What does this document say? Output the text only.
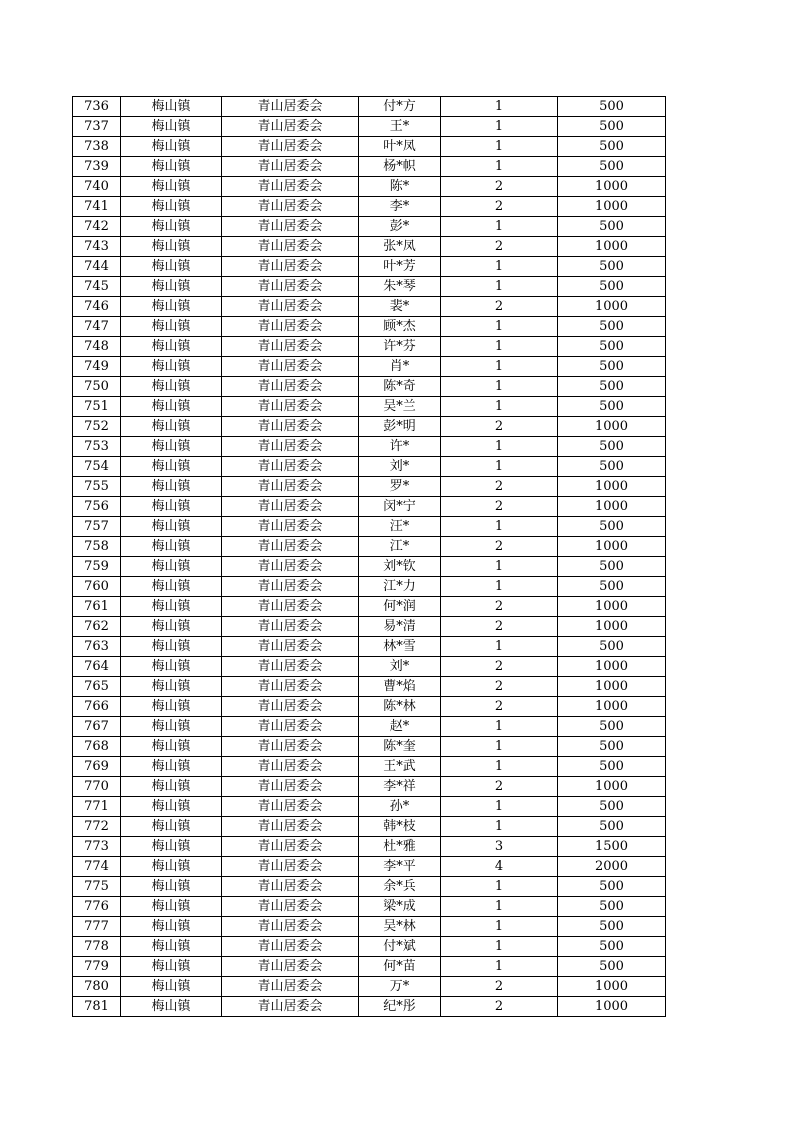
736	梅山镇	青山居委会	付*方	1	500
737	梅山镇	青山居委会	王*	1	500
738	梅山镇	青山居委会	叶*凤	1	500
739	梅山镇	青山居委会	杨*帜	1	500
740	梅山镇	青山居委会	陈*	2	1000
741	梅山镇	青山居委会	李*	2	1000
742	梅山镇	青山居委会	彭*	1	500
743	梅山镇	青山居委会	张*凤	2	1000
744	梅山镇	青山居委会	叶*芳	1	500
745	梅山镇	青山居委会	朱*琴	1	500
746	梅山镇	青山居委会	裴*	2	1000
747	梅山镇	青山居委会	顾*杰	1	500
748	梅山镇	青山居委会	许*芬	1	500
749	梅山镇	青山居委会	肖*	1	500
750	梅山镇	青山居委会	陈*奇	1	500
751	梅山镇	青山居委会	吴*兰	1	500
752	梅山镇	青山居委会	彭*明	2	1000
753	梅山镇	青山居委会	许*	1	500
754	梅山镇	青山居委会	刘*	1	500
755	梅山镇	青山居委会	罗*	2	1000
756	梅山镇	青山居委会	闵*宁	2	1000
757	梅山镇	青山居委会	汪*	1	500
758	梅山镇	青山居委会	江*	2	1000
759	梅山镇	青山居委会	刘*钦	1	500
760	梅山镇	青山居委会	江*力	1	500
761	梅山镇	青山居委会	何*润	2	1000
762	梅山镇	青山居委会	易*清	2	1000
763	梅山镇	青山居委会	林*雪	1	500
764	梅山镇	青山居委会	刘*	2	1000
765	梅山镇	青山居委会	曹*焰	2	1000
766	梅山镇	青山居委会	陈*林	2	1000
767	梅山镇	青山居委会	赵*	1	500
768	梅山镇	青山居委会	陈*奎	1	500
769	梅山镇	青山居委会	王*武	1	500
770	梅山镇	青山居委会	李*祥	2	1000
771	梅山镇	青山居委会	孙*	1	500
772	梅山镇	青山居委会	韩*枝	1	500
773	梅山镇	青山居委会	杜*雅	3	1500
774	梅山镇	青山居委会	李*平	4	2000
775	梅山镇	青山居委会	余*兵	1	500
776	梅山镇	青山居委会	梁*成	1	500
777	梅山镇	青山居委会	吴*林	1	500
778	梅山镇	青山居委会	付*斌	1	500
779	梅山镇	青山居委会	何*苗	1	500
780	梅山镇	青山居委会	万*	2	1000
781	梅山镇	青山居委会	纪*彤	2	1000
